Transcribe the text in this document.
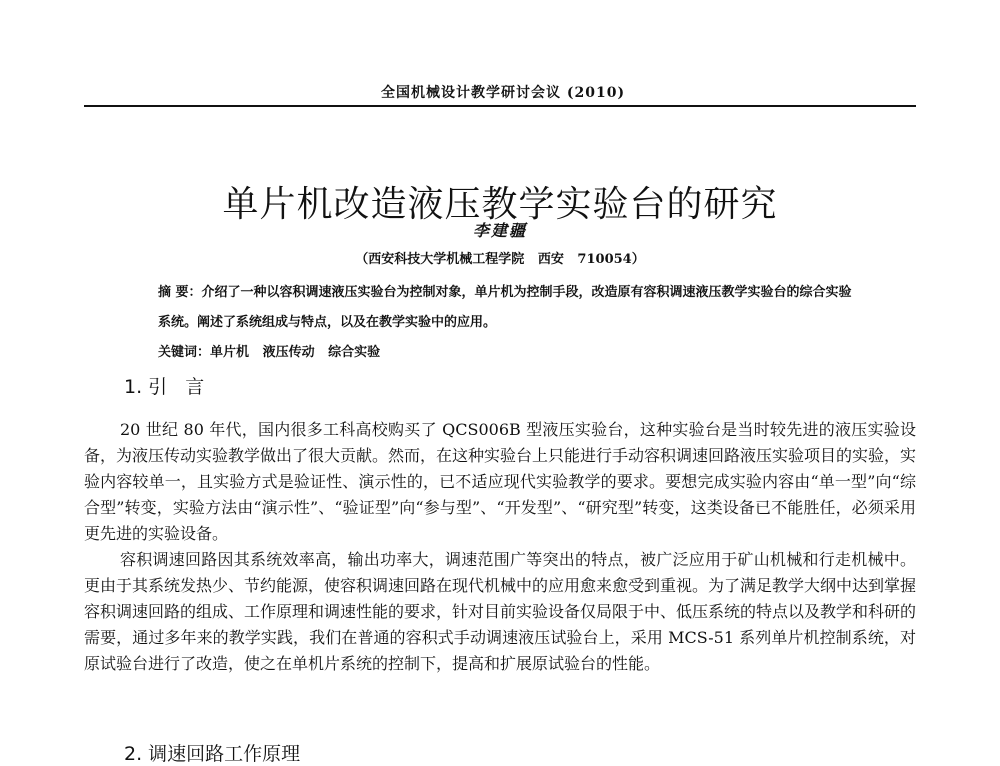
全国机械设计教学研讨会议 (2010)
单片机改造液压教学实验台的研究
李建疆
（西安科技大学机械工程学院   西安   710054）

摘 要：介绍了一种以容积调速液压实验台为控制对象，单片机为控制手段，改造原有容积调速液压教学实验台的综合实验系统。阐述了系统组成与特点，以及在教学实验中的应用。

关键词：单片机   液压传动   综合实验

1. 引   言

20 世纪 80 年代，国内很多工科高校购买了 QCS006B 型液压实验台，这种实验台是当时较先进的液压实验设备，为液压传动实验教学做出了很大贡献。然而，在这种实验台上只能进行手动容积调速回路液压实验项目的实验，实验内容较单一，且实验方式是验证性、演示性的，已不适应现代实验教学的要求。要想完成实验内容由“单一型”向“综合型”转变，实验方法由“演示性”、“验证型”向“参与型”、“开发型”、“研究型”转变，这类设备已不能胜任，必须采用更先进的实验设备。

容积调速回路因其系统效率高，输出功率大，调速范围广等突出的特点，被广泛应用于矿山机械和行走机械中。更由于其系统发热少、节约能源，使容积调速回路在现代机械中的应用愈来愈受到重视。为了满足教学大纲中达到掌握容积调速回路的组成、工作原理和调速性能的要求，针对目前实验设备仅局限于中、低压系统的特点以及教学和科研的需要，通过多年来的教学实践，我们在普通的容积式手动调速液压试验台上，采用 MCS-51 系列单片机控制系统，对原试验台进行了改造，使之在单机片系统的控制下，提高和扩展原试验台的性能。

2. 调速回路工作原理
